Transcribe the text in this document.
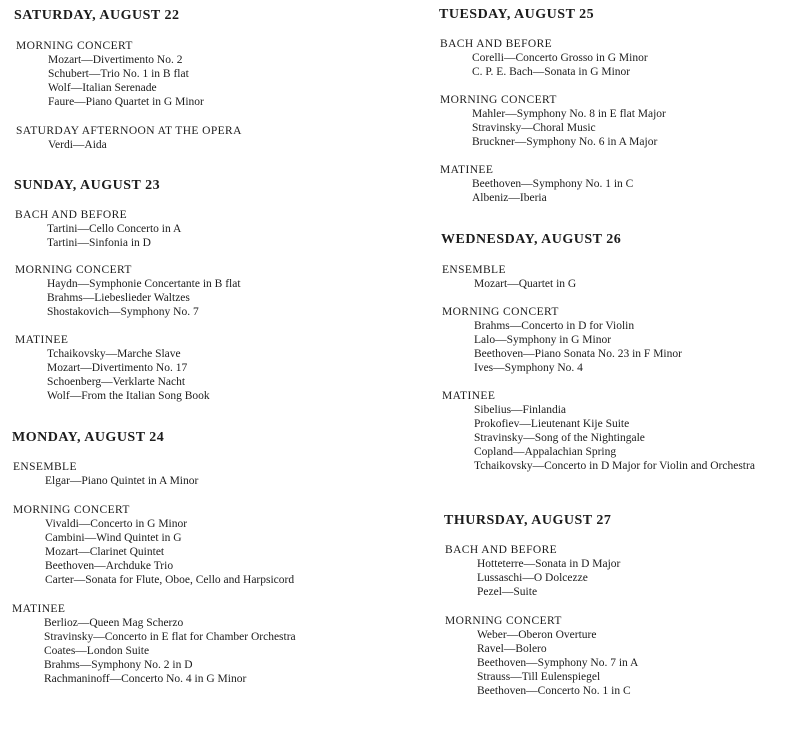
SATURDAY, AUGUST 22
MORNING CONCERT
Mozart—Divertimento No. 2
Schubert—Trio No. 1 in B flat
Wolf—Italian Serenade
Faure—Piano Quartet in G Minor
SATURDAY AFTERNOON AT THE OPERA
Verdi—Aida
SUNDAY, AUGUST 23
BACH AND BEFORE
Tartini—Cello Concerto in A
Tartini—Sinfonia in D
MORNING CONCERT
Haydn—Symphonie Concertante in B flat
Brahms—Liebeslieder Waltzes
Shostakovich—Symphony No. 7
MATINEE
Tchaikovsky—Marche Slave
Mozart—Divertimento No. 17
Schoenberg—Verklarte Nacht
Wolf—From the Italian Song Book
MONDAY, AUGUST 24
ENSEMBLE
Elgar—Piano Quintet in A Minor
MORNING CONCERT
Vivaldi—Concerto in G Minor
Cambini—Wind Quintet in G
Mozart—Clarinet Quintet
Beethoven—Archduke Trio
Carter—Sonata for Flute, Oboe, Cello and Harpsicord
MATINEE
Berlioz—Queen Mag Scherzo
Stravinsky—Concerto in E flat for Chamber Orchestra
Coates—London Suite
Brahms—Symphony No. 2 in D
Rachmaninoff—Concerto No. 4 in G Minor
TUESDAY, AUGUST 25
BACH AND BEFORE
Corelli—Concerto Grosso in G Minor
C. P. E. Bach—Sonata in G Minor
MORNING CONCERT
Mahler—Symphony No. 8 in E flat Major
Stravinsky—Choral Music
Bruckner—Symphony No. 6 in A Major
MATINEE
Beethoven—Symphony No. 1 in C
Albeniz—Iberia
WEDNESDAY, AUGUST 26
ENSEMBLE
Mozart—Quartet in G
MORNING CONCERT
Brahms—Concerto in D for Violin
Lalo—Symphony in G Minor
Beethoven—Piano Sonata No. 23 in F Minor
Ives—Symphony No. 4
MATINEE
Sibelius—Finlandia
Prokofiev—Lieutenant Kije Suite
Stravinsky—Song of the Nightingale
Copland—Appalachian Spring
Tchaikovsky—Concerto in D Major for Violin and Orchestra
THURSDAY, AUGUST 27
BACH AND BEFORE
Hotteterre—Sonata in D Major
Lussaschi—O Dolcezze
Pezel—Suite
MORNING CONCERT
Weber—Oberon Overture
Ravel—Bolero
Beethoven—Symphony No. 7 in A
Strauss—Till Eulenspiegel
Beethoven—Concerto No. 1 in C
